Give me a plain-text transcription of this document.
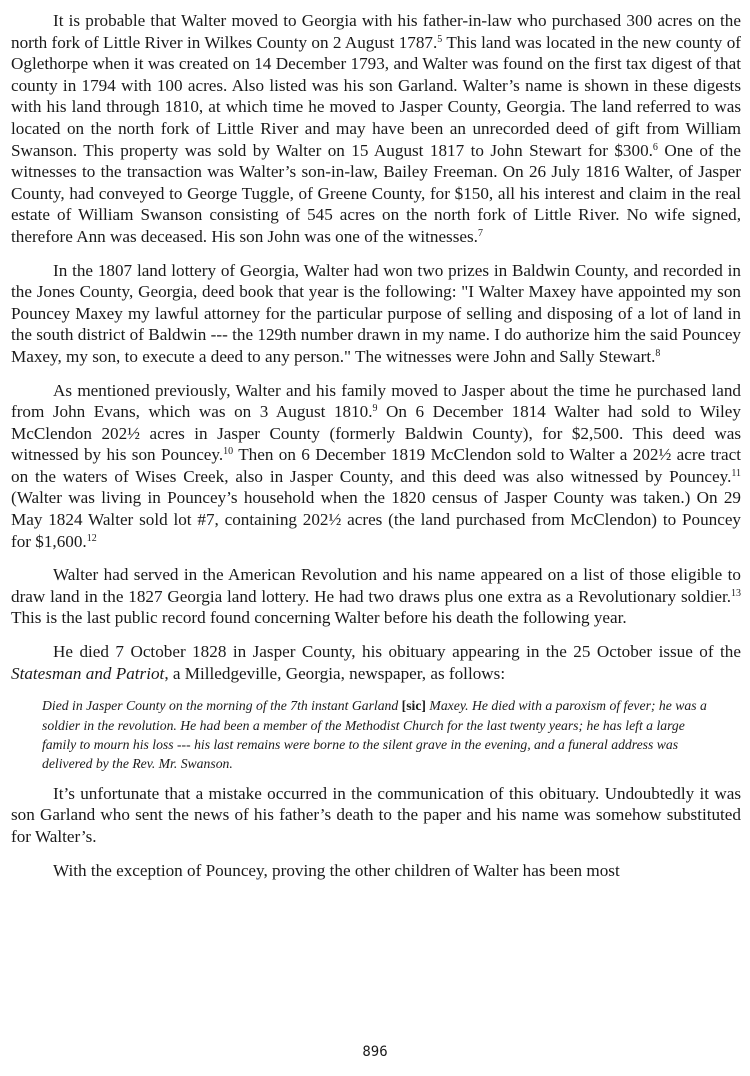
It is probable that Walter moved to Georgia with his father-in-law who purchased 300 acres on the north fork of Little River in Wilkes County on 2 August 1787.$^5$ This land was located in the new county of Oglethorpe when it was created on 14 December 1793, and Walter was found on the first tax digest of that county in 1794 with 100 acres. Also listed was his son Garland. Walter’s name is shown in these digests with his land through 1810, at which time he moved to Jasper County, Georgia. The land referred to was located on the north fork of Little River and may have been an unrecorded deed of gift from William Swanson. This property was sold by Walter on 15 August 1817 to John Stewart for $300.$^6$ One of the witnesses to the transaction was Walter’s son-in-law, Bailey Freeman. On 26 July 1816 Walter, of Jasper County, had conveyed to George Tuggle, of Greene County, for $150, all his interest and claim in the real estate of William Swanson consisting of 545 acres on the north fork of Little River. No wife signed, therefore Ann was deceased. His son John was one of the witnesses.$^7$

In the 1807 land lottery of Georgia, Walter had won two prizes in Baldwin County, and recorded in the Jones County, Georgia, deed book that year is the following: "I Walter Maxey have appointed my son Pouncey Maxey my lawful attorney for the particular purpose of selling and disposing of a lot of land in the south district of Baldwin --- the 129th number drawn in my name. I do authorize him the said Pouncey Maxey, my son, to execute a deed to any person." The witnesses were John and Sally Stewart.$^8$

As mentioned previously, Walter and his family moved to Jasper about the time he purchased land from John Evans, which was on 3 August 1810.$^9$ On 6 December 1814 Walter had sold to Wiley McClendon 202½ acres in Jasper County (formerly Baldwin County), for $2,500. This deed was witnessed by his son Pouncey.$^{10}$ Then on 6 December 1819 McClendon sold to Walter a 202½ acre tract on the waters of Wises Creek, also in Jasper County, and this deed was also witnessed by Pouncey.$^{11}$ (Walter was living in Pouncey’s household when the 1820 census of Jasper County was taken.) On 29 May 1824 Walter sold lot #7, containing 202½ acres (the land purchased from McClendon) to Pouncey for $1,600.12

Walter had served in the American Revolution and his name appeared on a list of those eligible to draw land in the 1827 Georgia land lottery. He had two draws plus one extra as a Revolutionary soldier.$^{13}$ This is the last public record found concerning Walter before his death the following year.

He died 7 October 1828 in Jasper County, his obituary appearing in the 25 October issue of the Statesman and Patriot, a Milledgeville, Georgia, newspaper, as follows:

Died in Jasper County on the morning of the 7th instant Garland [sic] Maxey. He died with a paroxism of fever; he was a soldier in the revolution. He had been a member of the Methodist Church for the last twenty years; he has left a large family to mourn his loss --- his last remains were borne to the silent grave in the evening, and a funeral address was delivered by the Rev. Mr. Swanson.

It’s unfortunate that a mistake occurred in the communication of this obituary. Undoubtedly it was son Garland who sent the news of his father’s death to the paper and his name was somehow substituted for Walter’s.

With the exception of Pouncey, proving the other children of Walter has been most

896
